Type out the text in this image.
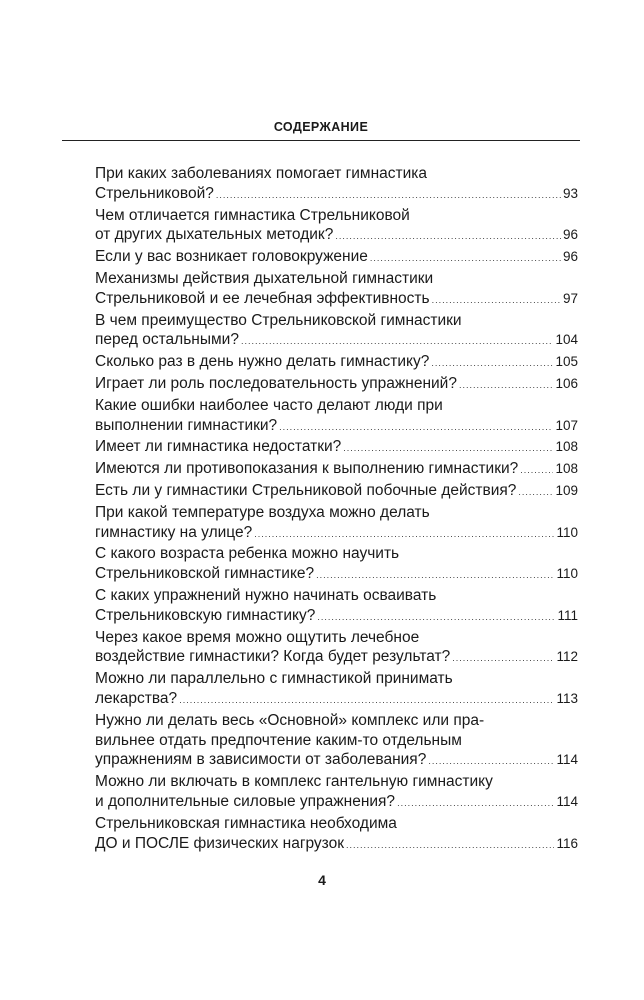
СОДЕРЖАНИЕ
При каких заболеваниях помогает гимнастика
Стрельниковой? .....	93
Чем отличается гимнастика Стрельниковой
от других дыхательных методик? .....	96
Если у вас возникает головокружение .....	96
Механизмы действия дыхательной гимнастики
Стрельниковой и ее лечебная эффективность .....	97
В чем преимущество Стрельниковской гимнастики
перед остальными? .....	104
Сколько раз в день нужно делать гимнастику? .....	105
Играет ли роль последовательность упражнений? .....	106
Какие ошибки наиболее часто делают люди при
выполнении гимнастики? .....	107
Имеет ли гимнастика недостатки? .....	108
Имеются ли противопоказания к выполнению гимнастики? .....	108
Есть ли у гимнастики Стрельниковой побочные действия? .....	109
При какой температуре воздуха можно делать
гимнастику на улице? .....	110
С какого возраста ребенка можно научить
Стрельниковской гимнастике? .....	110
С каких упражнений нужно начинать осваивать
Стрельниковскую гимнастику? .....	111
Через какое время можно ощутить лечебное
воздействие гимнастики? Когда будет результат? .....	112
Можно ли параллельно с гимнастикой принимать
лекарства? .....	113
Нужно ли делать весь «Основной» комплекс или пра-
вильнее отдать предпочтение каким-то отдельным
упражнениям в зависимости от заболевания? .....	114
Можно ли включать в комплекс гантельную гимнастику
и дополнительные силовые упражнения? .....	114
Стрельниковская гимнастика необходима
ДО и ПОСЛЕ физических нагрузок .....	116
4
